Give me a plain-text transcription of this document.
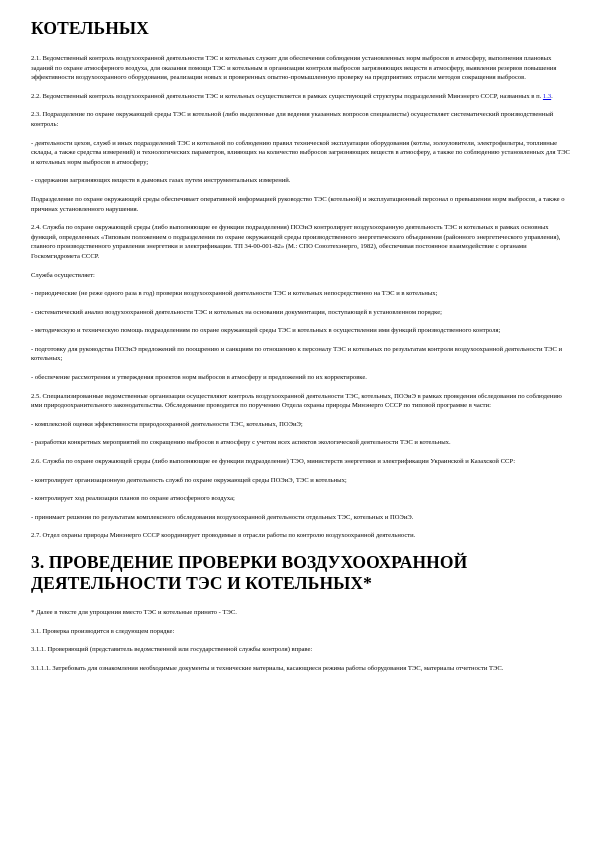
КОТЕЛЬНЫХ

2.1. Ведомственный контроль воздухоохранной деятельности ТЭС и котельных служит для обеспечения соблюдения установленных норм выбросов в атмосферу, выполнения плановых заданий по охране атмосферного воздуха, для оказания помощи ТЭС и котельным в организации контроля выбросов загрязняющих веществ в атмосферу, выявления резервов повышения эффективности воздухоохранного оборудования, реализации новых и проверенных опытно-промышленную проверку на предприятиях отрасли методов сокращения выбросов.

2.2. Ведомственный контроль воздухоохранной деятельности ТЭС и котельных осуществляется в рамках существующей структуры подразделений Минэнерго СССР, названных в п. 1.3.

2.3. Подразделение по охране окружающей среды ТЭС и котельной (либо выделенные для ведения указанных вопросов специалисты) осуществляет систематический производственный контроль:

- деятельности цехов, служб и иных подразделений ТЭС и котельной по соблюдению правил технической эксплуатации оборудования (котлы, золоуловители, электрофильтры, топливные склады, а также средства измерений) и технологических параметров, влияющих на количество выбросов загрязняющих веществ в атмосферу, а также по соблюдению установленных для ТЭС и котельных норм выбросов в атмосферу;

- содержания загрязняющих веществ в дымовых газах путем инструментальных измерений.

Подразделение по охране окружающей среды обеспечивает оперативной информацией руководство ТЭС (котельной) и эксплуатационный персонал о превышении норм выбросов, а также о причинах установленного нарушения.

2.4. Служба по охране окружающей среды (либо выполняющие ее функции подразделения) ПОЭиЭ контролирует воздухоохранную деятельность ТЭС и котельных в рамках основных функций, определенных «Типовым положением о подразделении по охране окружающей среды производственного энергетического объединения (районного энергетического управления), главного производственного управления энергетики и электрификации. ТП 34-00-001-82» (М.: СПО Союзтехэнерго, 1982), обеспечивая постоянное взаимодействие с органами Госкомгидромета СССР.

Служба осуществляет:

- периодические (не реже одного раза в год) проверки воздухоохранной деятельности ТЭС и котельных непосредственно на ТЭС и в котельных;

- систематический анализ воздухоохранной деятельности ТЭС и котельных на основании документации, поступающей в установленном порядке;

- методическую и техническую помощь подразделениям по охране окружающей среды ТЭС и котельных в осуществлении ими функций производственного контроля;

- подготовку для руководства ПОЭиЭ предложений по поощрению и санкциям по отношению к персоналу ТЭС и котельных по результатам контроля воздухоохранной деятельности ТЭС и котельных;

- обеспечение рассмотрения и утверждения проектов норм выбросов в атмосферу и предложений по их корректировке.

2.5. Специализированные ведомственные организации осуществляют контроль воздухоохранной деятельности ТЭС, котельных, ПОЭиЭ в рамках проведения обследования по соблюдению ими природоохранительного законодательства. Обследование проводится по поручению Отдела охраны природы Минэнерго СССР по типовой программе в части:

- комплексной оценки эффективности природоохранной деятельности ТЭС, котельных, ПОЭиЭ;

- разработки конкретных мероприятий по сокращению выбросов в атмосферу с учетом всех аспектов экологической деятельности ТЭС и котельных.

2.6. Служба по охране окружающей среды (либо выполняющие ее функции подразделение) ТЭО, министерств энергетики и электрификации Украинской и Казахской ССР:

- контролирует организационную деятельность служб по охране окружающей среды ПОЭиЭ, ТЭС и котельных;

- контролирует ход реализации планов по охране атмосферного воздуха;

- принимает решения по результатам комплексного обследования воздухоохранной деятельности отдельных ТЭС, котельных и ПОЭиЭ.

2.7. Отдел охраны природы Минэнерго СССР координирует проводимые в отрасли работы по контролю воздухоохранной деятельности.

3. ПРОВЕДЕНИЕ ПРОВЕРКИ ВОЗДУХООХРАННОЙ ДЕЯТЕЛЬНОСТИ ТЭС И КОТЕЛЬНЫХ*

* Далее в тексте для упрощения вместо ТЭС и котельные принято - ТЭС.

3.1. Проверка производится в следующем порядке:

3.1.1. Проверяющий (представитель ведомственной или государственной службы контроля) вправе:

3.1.1.1. Затребовать для ознакомления необходимые документы и технические материалы, касающиеся режима работы оборудования ТЭС, материалы отчетности ТЭС.
